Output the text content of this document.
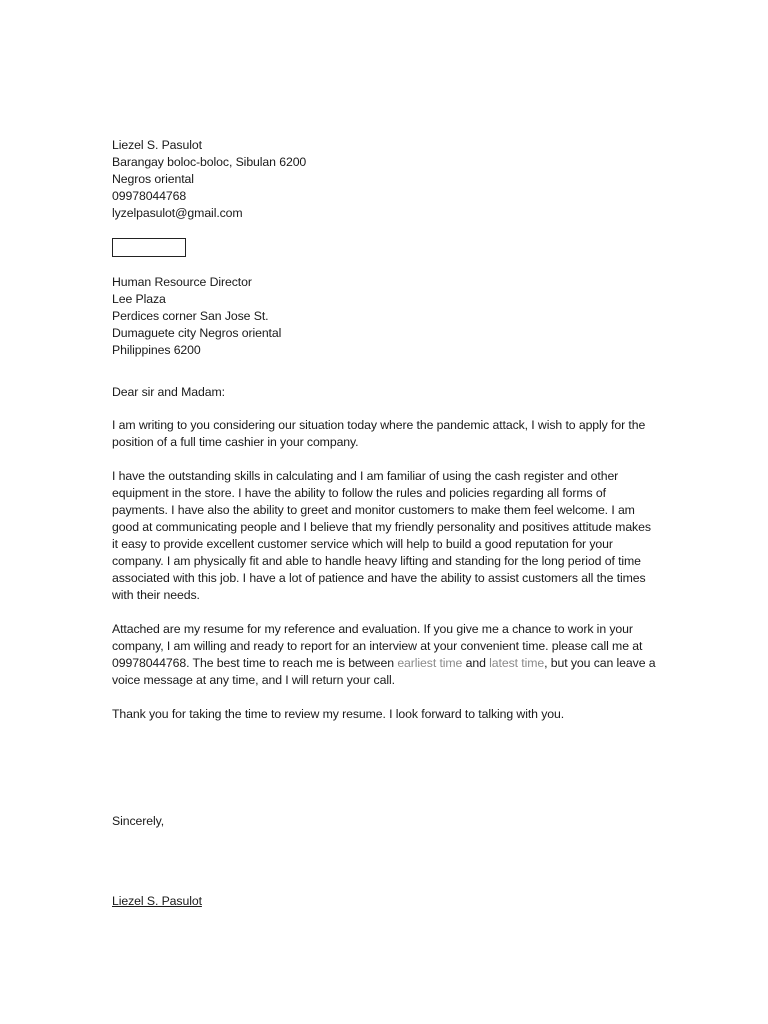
Liezel S. Pasulot
Barangay boloc-boloc, Sibulan 6200
Negros oriental
09978044768
lyzelpasulot@gmail.com
Human Resource Director
Lee Plaza
Perdices corner San Jose St.
Dumaguete city Negros oriental
Philippines 6200
Dear sir and Madam:

I am writing to you considering our situation today where the pandemic attack, I wish to apply for the position of a full time cashier in your company.

I have the outstanding skills in calculating and I am familiar of using the cash register and other equipment in the store. I have the ability to follow the rules and policies regarding all forms of payments. I have also the ability to greet and monitor customers to make them feel welcome. I am good at communicating people and I believe that my friendly personality and positives attitude makes it easy to provide excellent customer service which will help to build a good reputation for your company. I am physically fit and able to handle heavy lifting and standing for the long period of time associated with this job. I have a lot of patience and have the ability to assist customers all the times with their needs.

Attached are my resume for my reference and evaluation. If you give me a chance to work in your company, I am willing and ready to report for an interview at your convenient time. please call me at 09978044768. The best time to reach me is between earliest time and latest time, but you can leave a voice message at any time, and I will return your call.

Thank you for taking the time to review my resume. I look forward to talking with you.

Sincerely,
Liezel S. Pasulot
